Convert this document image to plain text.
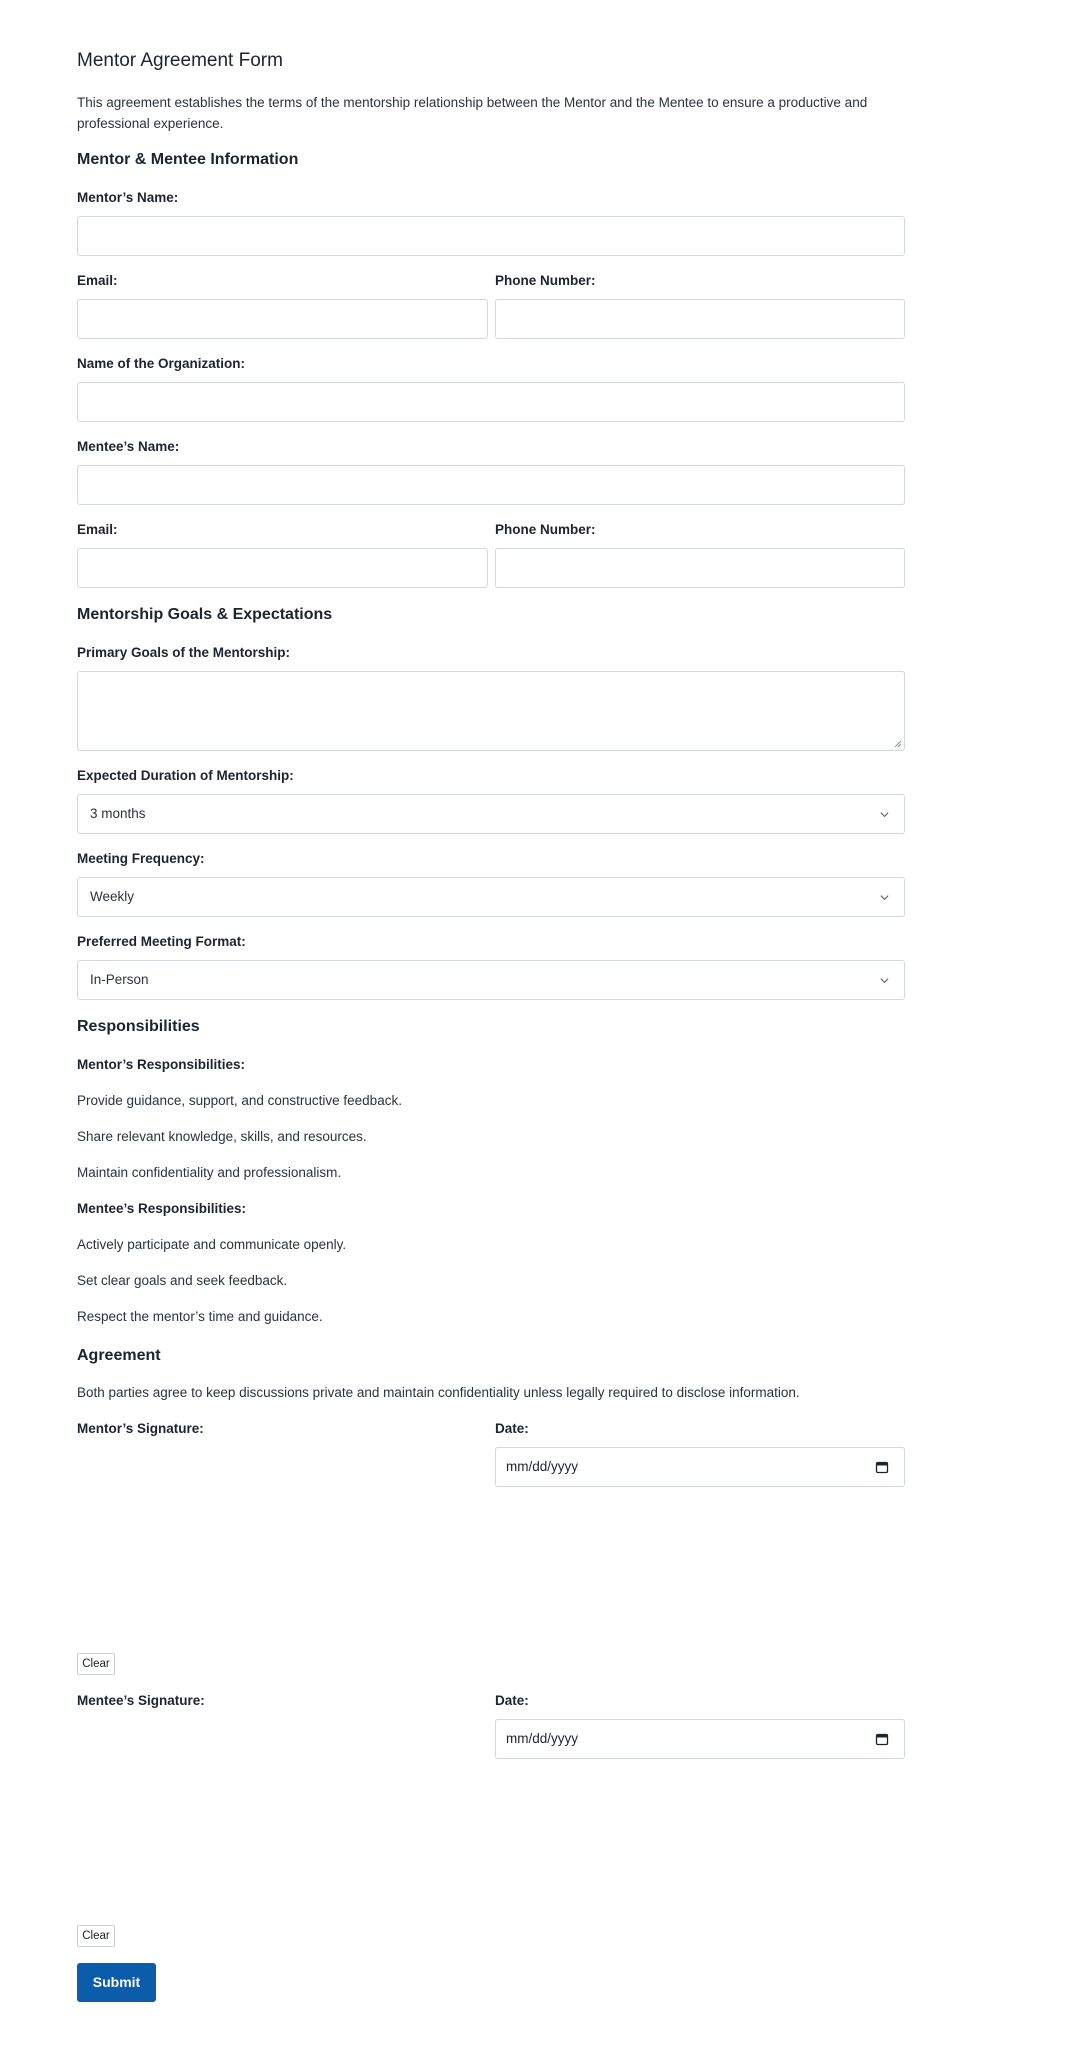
Mentor Agreement Form

This agreement establishes the terms of the mentorship relationship between the Mentor and the Mentee to ensure a productive and professional experience.

Mentor & Mentee Information
Mentor’s Name:
Email:	Phone Number:
Name of the Organization:
Mentee’s Name:
Email:	Phone Number:
Mentorship Goals & Expectations
Primary Goals of the Mentorship:
Expected Duration of Mentorship:
3 months
Meeting Frequency:
Weekly
Preferred Meeting Format:
In-Person
Responsibilities
Mentor’s Responsibilities:
Provide guidance, support, and constructive feedback.
Share relevant knowledge, skills, and resources.
Maintain confidentiality and professionalism.
Mentee’s Responsibilities:
Actively participate and communicate openly.
Set clear goals and seek feedback.
Respect the mentor’s time and guidance.
Agreement

Both parties agree to keep discussions private and maintain confidentiality unless legally required to disclose information.

Mentor’s Signature:	Date:
mm/dd/yyyy
Clear
Mentee’s Signature:	Date:
mm/dd/yyyy
Clear
Submit
